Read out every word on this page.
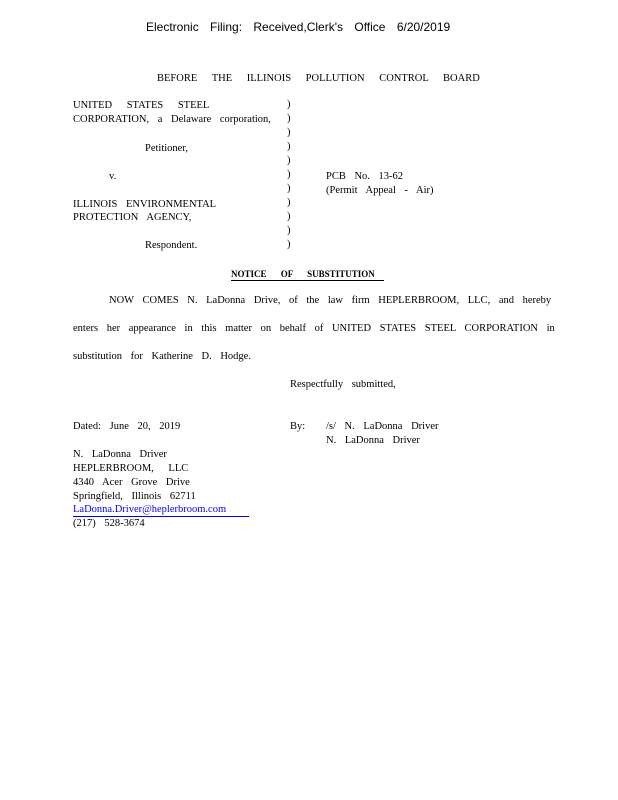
Electronic Filing: Received,Clerk's Office 6/20/2019
BEFORE THE ILLINOIS POLLUTION CONTROL BOARD
UNITED STATES STEEL
CORPORATION, a Delaware corporation,
Petitioner,
v.
ILLINOIS ENVIRONMENTAL
PROTECTION AGENCY,
Respondent.
)
)
)
)
)
)
)
)
)
)
)
PCB No. 13-62
(Permit Appeal - Air)
NOTICE OF SUBSTITUTION
NOW COMES N. LaDonna Drive, of the law firm HEPLERBROOM, LLC, and hereby
enters her appearance in this matter on behalf of UNITED STATES STEEL CORPORATION in
substitution for Katherine D. Hodge.
Respectfully submitted,
Dated: June 20, 2019	By: /s/ N. LaDonna Driver
N. LaDonna Driver
N. LaDonna Driver
HEPLERBROOM, LLC
4340 Acer Grove Drive
Springfield, Illinois 62711
LaDonna.Driver@heplerbroom.com
(217) 528-3674
